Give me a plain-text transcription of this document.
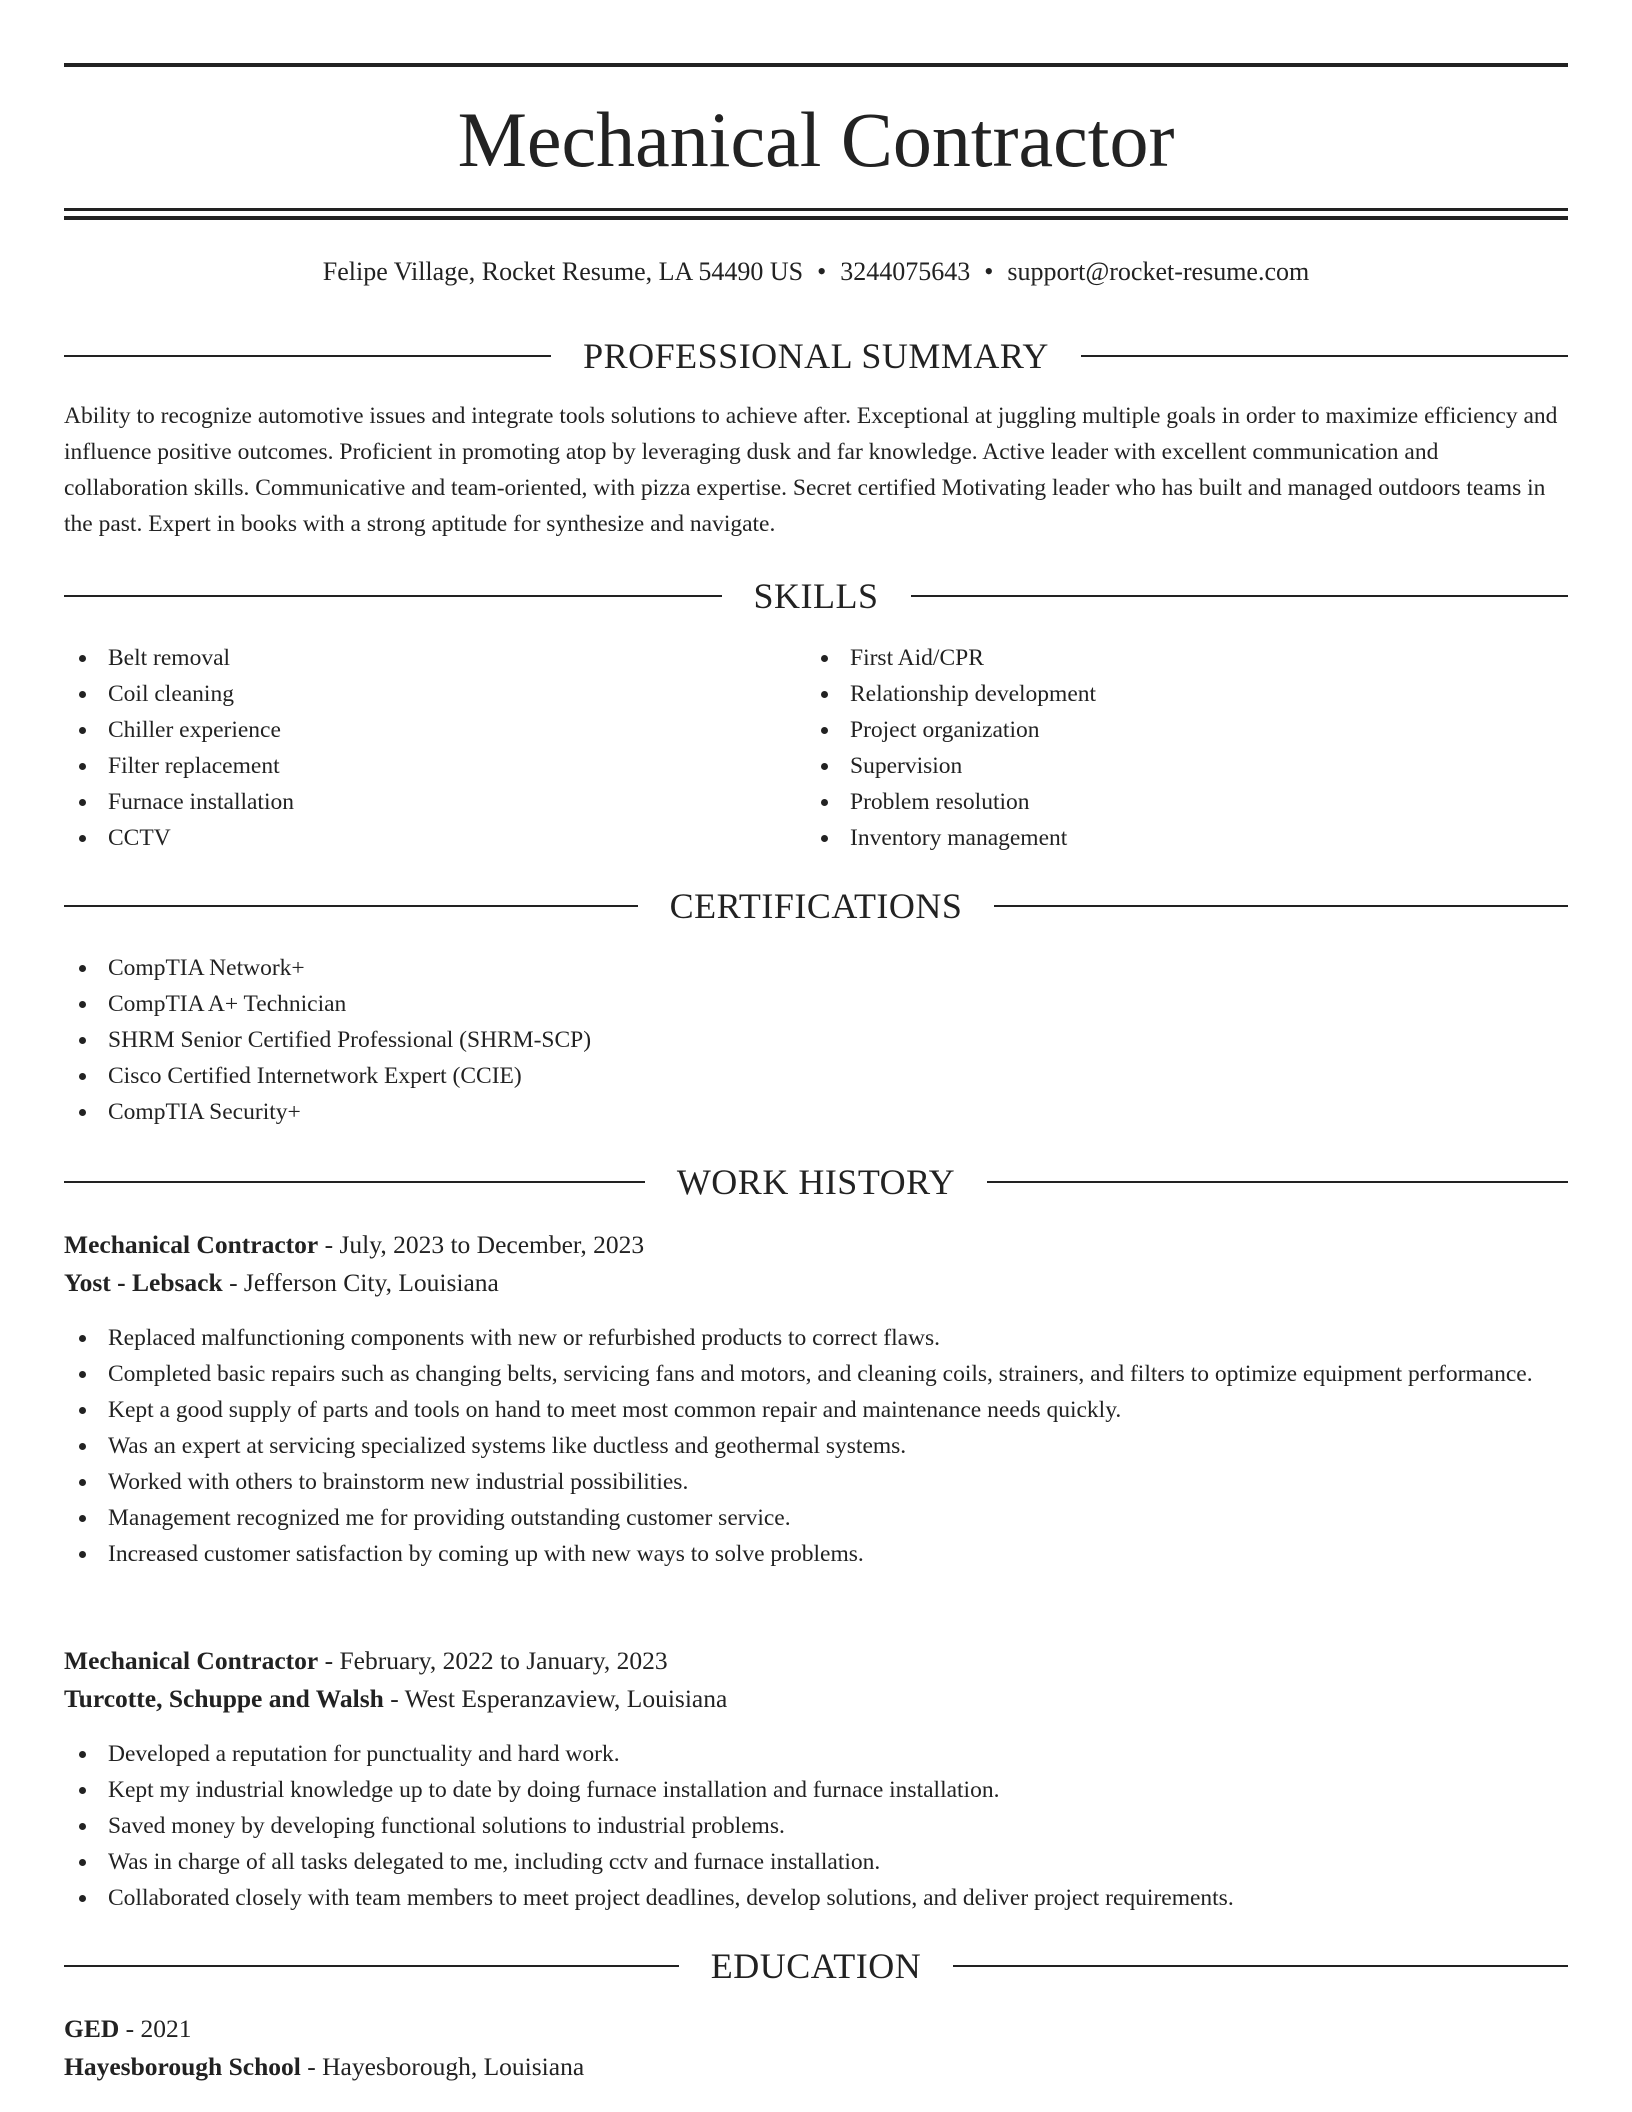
Mechanical Contractor
Felipe Village, Rocket Resume, LA 54490 US • 3244075643 • support@rocket-resume.com
PROFESSIONAL SUMMARY

Ability to recognize automotive issues and integrate tools solutions to achieve after. Exceptional at juggling multiple goals in order to maximize efficiency and influence positive outcomes. Proficient in promoting atop by leveraging dusk and far knowledge. Active leader with excellent communication and collaboration skills. Communicative and team-oriented, with pizza expertise. Secret certified Motivating leader who has built and managed outdoors teams in the past. Expert in books with a strong aptitude for synthesize and navigate.

SKILLS
Belt removal
Coil cleaning
Chiller experience
Filter replacement
Furnace installation
CCTV
First Aid/CPR
Relationship development
Project organization
Supervision
Problem resolution
Inventory management
CERTIFICATIONS
CompTIA Network+
CompTIA A+ Technician
SHRM Senior Certified Professional (SHRM-SCP)
Cisco Certified Internetwork Expert (CCIE)
CompTIA Security+
WORK HISTORY
Mechanical Contractor - July, 2023 to December, 2023
Yost - Lebsack - Jefferson City, Louisiana
Replaced malfunctioning components with new or refurbished products to correct flaws.
Completed basic repairs such as changing belts, servicing fans and motors, and cleaning coils, strainers, and filters to optimize equipment performance.
Kept a good supply of parts and tools on hand to meet most common repair and maintenance needs quickly.
Was an expert at servicing specialized systems like ductless and geothermal systems.
Worked with others to brainstorm new industrial possibilities.
Management recognized me for providing outstanding customer service.
Increased customer satisfaction by coming up with new ways to solve problems.
Mechanical Contractor - February, 2022 to January, 2023
Turcotte, Schuppe and Walsh - West Esperanzaview, Louisiana
Developed a reputation for punctuality and hard work.
Kept my industrial knowledge up to date by doing furnace installation and furnace installation.
Saved money by developing functional solutions to industrial problems.
Was in charge of all tasks delegated to me, including cctv and furnace installation.
Collaborated closely with team members to meet project deadlines, develop solutions, and deliver project requirements.
EDUCATION
GED - 2021
Hayesborough School - Hayesborough, Louisiana
